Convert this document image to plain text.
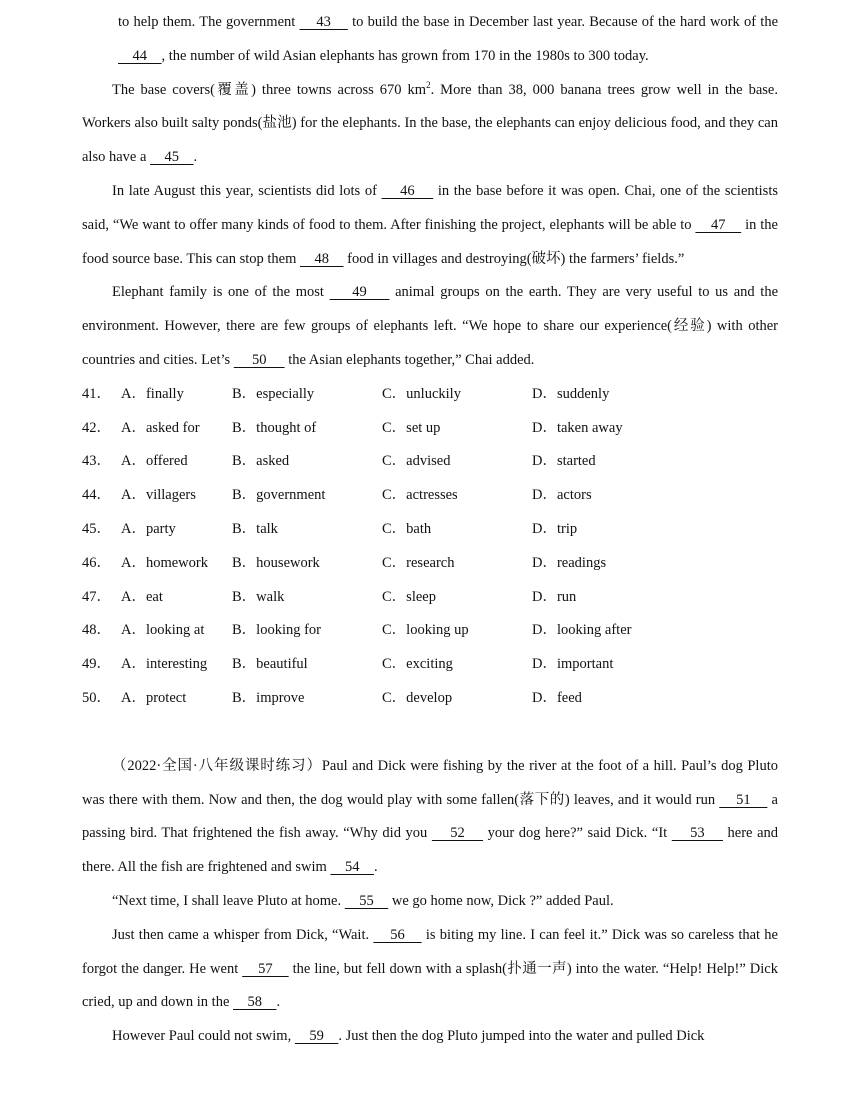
to help them. The government     43     to build the base in December last year. Because of the hard work of the     44    , the number of wild Asian elephants has grown from 170 in the 1980s to 300 today.

The base covers(覆盖) three towns across 670 $km^2$. More than 38, 000 banana trees grow well in the base. Workers also built salty ponds(盐池) for the elephants. In the base, the elephants can enjoy delicious food, and they can also have a     45    .

In late August this year, scientists did lots of     46     in the base before it was open. Chai, one of the scientists said, “We want to offer many kinds of food to them. After finishing the project, elephants will be able to     47     in the food source base. This can stop them     48     food in villages and destroying(破坏) the farmers’ fields.”

Elephant family is one of the most     49     animal groups on the earth. They are very useful to us and the environment. However, there are few groups of elephants left. “We hope to share our experience(经验) with other countries and cities. Let’s      50      the Asian elephants together,” Chai added.

41． A．finally	B．especially	C．unluckily	D．suddenly
42． A．asked for	B．thought of	C．set up	D．taken away
43． A．offered	B．asked	C．advised	D．started
44． A．villagers	B．government	C．actresses	D．actors
45． A．party	B．talk	C．bath	D．trip
46． A．homework	B．housework	C．research	D．readings
47． A．eat	B．walk	C．sleep	D．run
48． A．looking at	B．looking for	C．looking up	D．looking after
49． A．interesting	B．beautiful	C．exciting	D．important
50． A．protect	B．improve	C．develop	D．feed

（2022·全国·八年级课时练习）Paul and Dick were fishing by the river at the foot of a hill. Paul’s dog Pluto was there with them. Now and then, the dog would play with some fallen(落下的) leaves, and it would run     51     a passing bird. That frightened the fish away. “Why did you     52     your dog here?” said Dick. “It     53     here and there. All the fish are frightened and swim     54    .

“Next time, I shall leave Pluto at home.     55     we go home now, Dick ?” added Paul.

Just then came a whisper from Dick, “Wait.     56     is biting my line. I can feel it.” Dick was so careless that he forgot the danger. He went     57     the line, but fell down with a splash(扑通一声) into the water. “Help! Help!” Dick cried, up and down in the     58    .

However Paul could not swim,     59    . Just then the dog Pluto jumped into the water and pulled Dick
